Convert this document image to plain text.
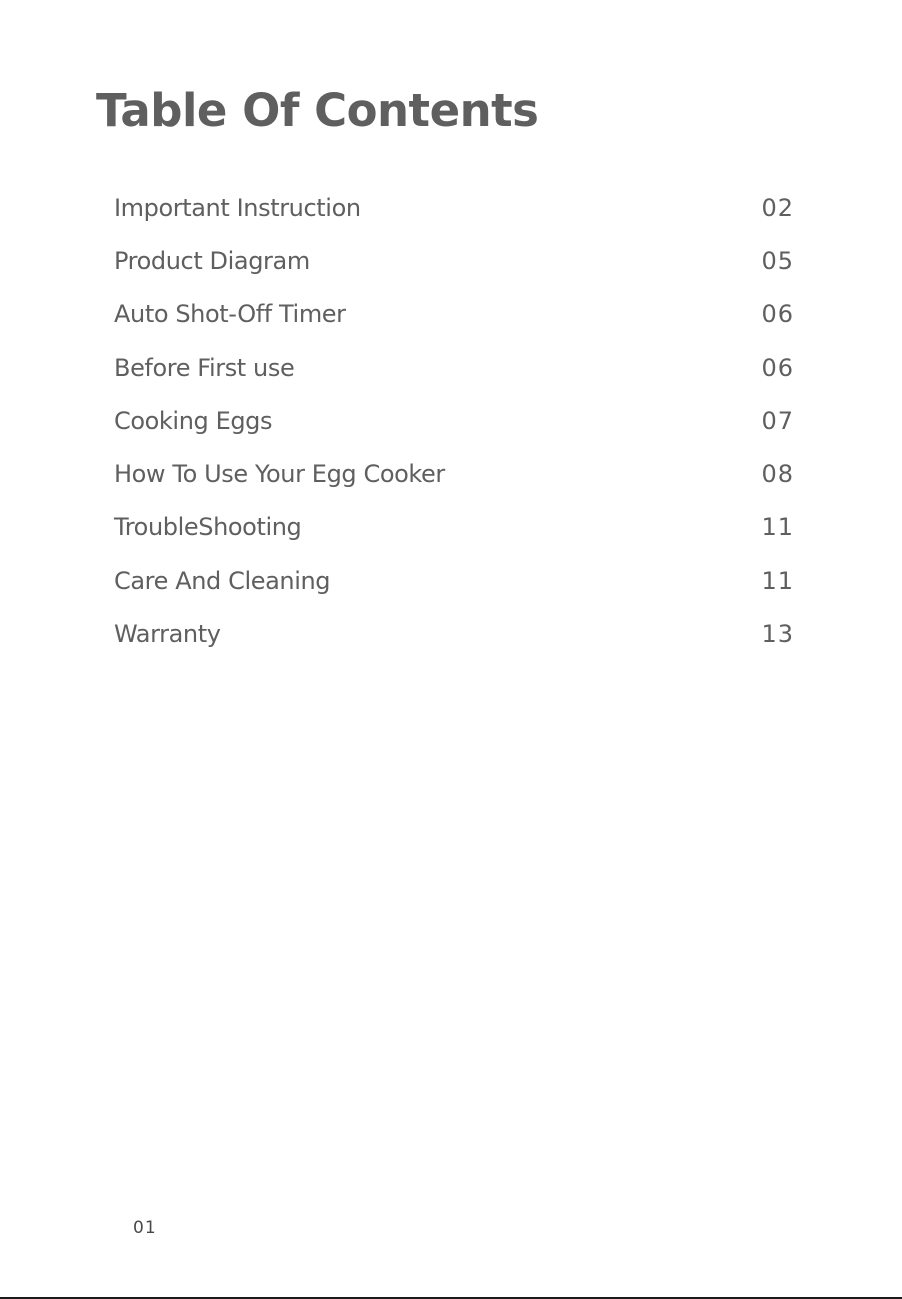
Table Of Contents
Important Instruction	02
Product Diagram	05
Auto Shot-Off Timer	06
Before First use	06
Cooking Eggs	07
How To Use Your Egg Cooker	08
TroubleShooting	11
Care And Cleaning	11
Warranty	13
01
